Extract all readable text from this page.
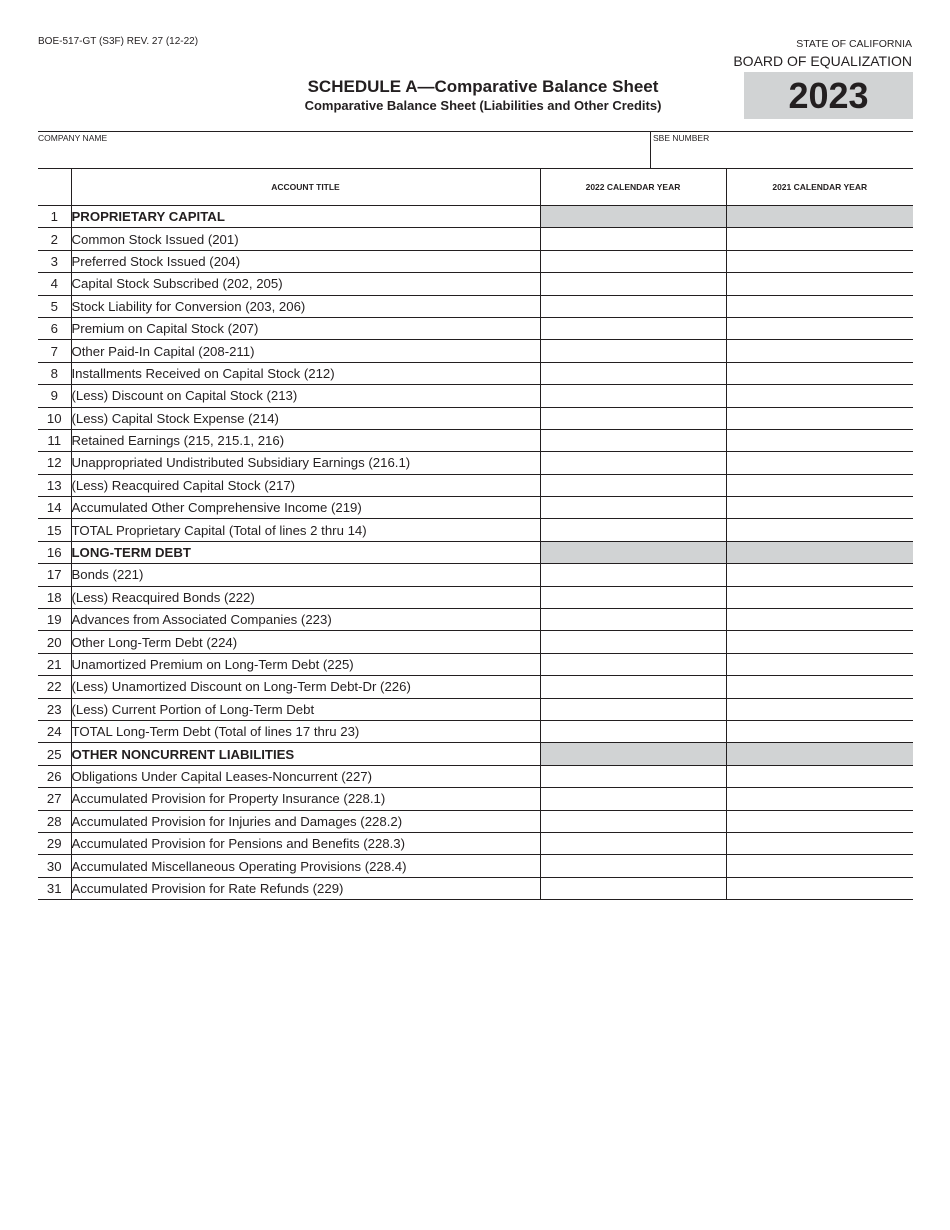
BOE-517-GT (S3F) REV. 27 (12-22)	STATE OF CALIFORNIA
BOARD OF EQUALIZATION
SCHEDULE A—Comparative Balance Sheet
Comparative Balance Sheet (Liabilities and Other Credits)	2023
COMPANY NAME	SBE NUMBER
	ACCOUNT TITLE	2022 CALENDAR YEAR	2021 CALENDAR YEAR
1	PROPRIETARY CAPITAL		
2	Common Stock Issued (201)		
3	Preferred Stock Issued (204)		
4	Capital Stock Subscribed (202, 205)		
5	Stock Liability for Conversion (203, 206)		
6	Premium on Capital Stock (207)		
7	Other Paid-In Capital (208-211)		
8	Installments Received on Capital Stock (212)		
9	(Less) Discount on Capital Stock (213)		
10	(Less) Capital Stock Expense (214)		
11	Retained Earnings (215, 215.1, 216)		
12	Unappropriated Undistributed Subsidiary Earnings (216.1)		
13	(Less) Reacquired Capital Stock (217)		
14	Accumulated Other Comprehensive Income (219)		
15	TOTAL Proprietary Capital (Total of lines 2 thru 14)		
16	LONG-TERM DEBT		
17	Bonds (221)		
18	(Less) Reacquired Bonds (222)		
19	Advances from Associated Companies (223)		
20	Other Long-Term Debt (224)		
21	Unamortized Premium on Long-Term Debt (225)		
22	(Less) Unamortized Discount on Long-Term Debt-Dr (226)		
23	(Less) Current Portion of Long-Term Debt		
24	TOTAL Long-Term Debt (Total of lines 17 thru 23)		
25	OTHER NONCURRENT LIABILITIES		
26	Obligations Under Capital Leases-Noncurrent (227)		
27	Accumulated Provision for Property Insurance (228.1)		
28	Accumulated Provision for Injuries and Damages (228.2)		
29	Accumulated Provision for Pensions and Benefits (228.3)		
30	Accumulated Miscellaneous Operating Provisions (228.4)		
31	Accumulated Provision for Rate Refunds (229)		
